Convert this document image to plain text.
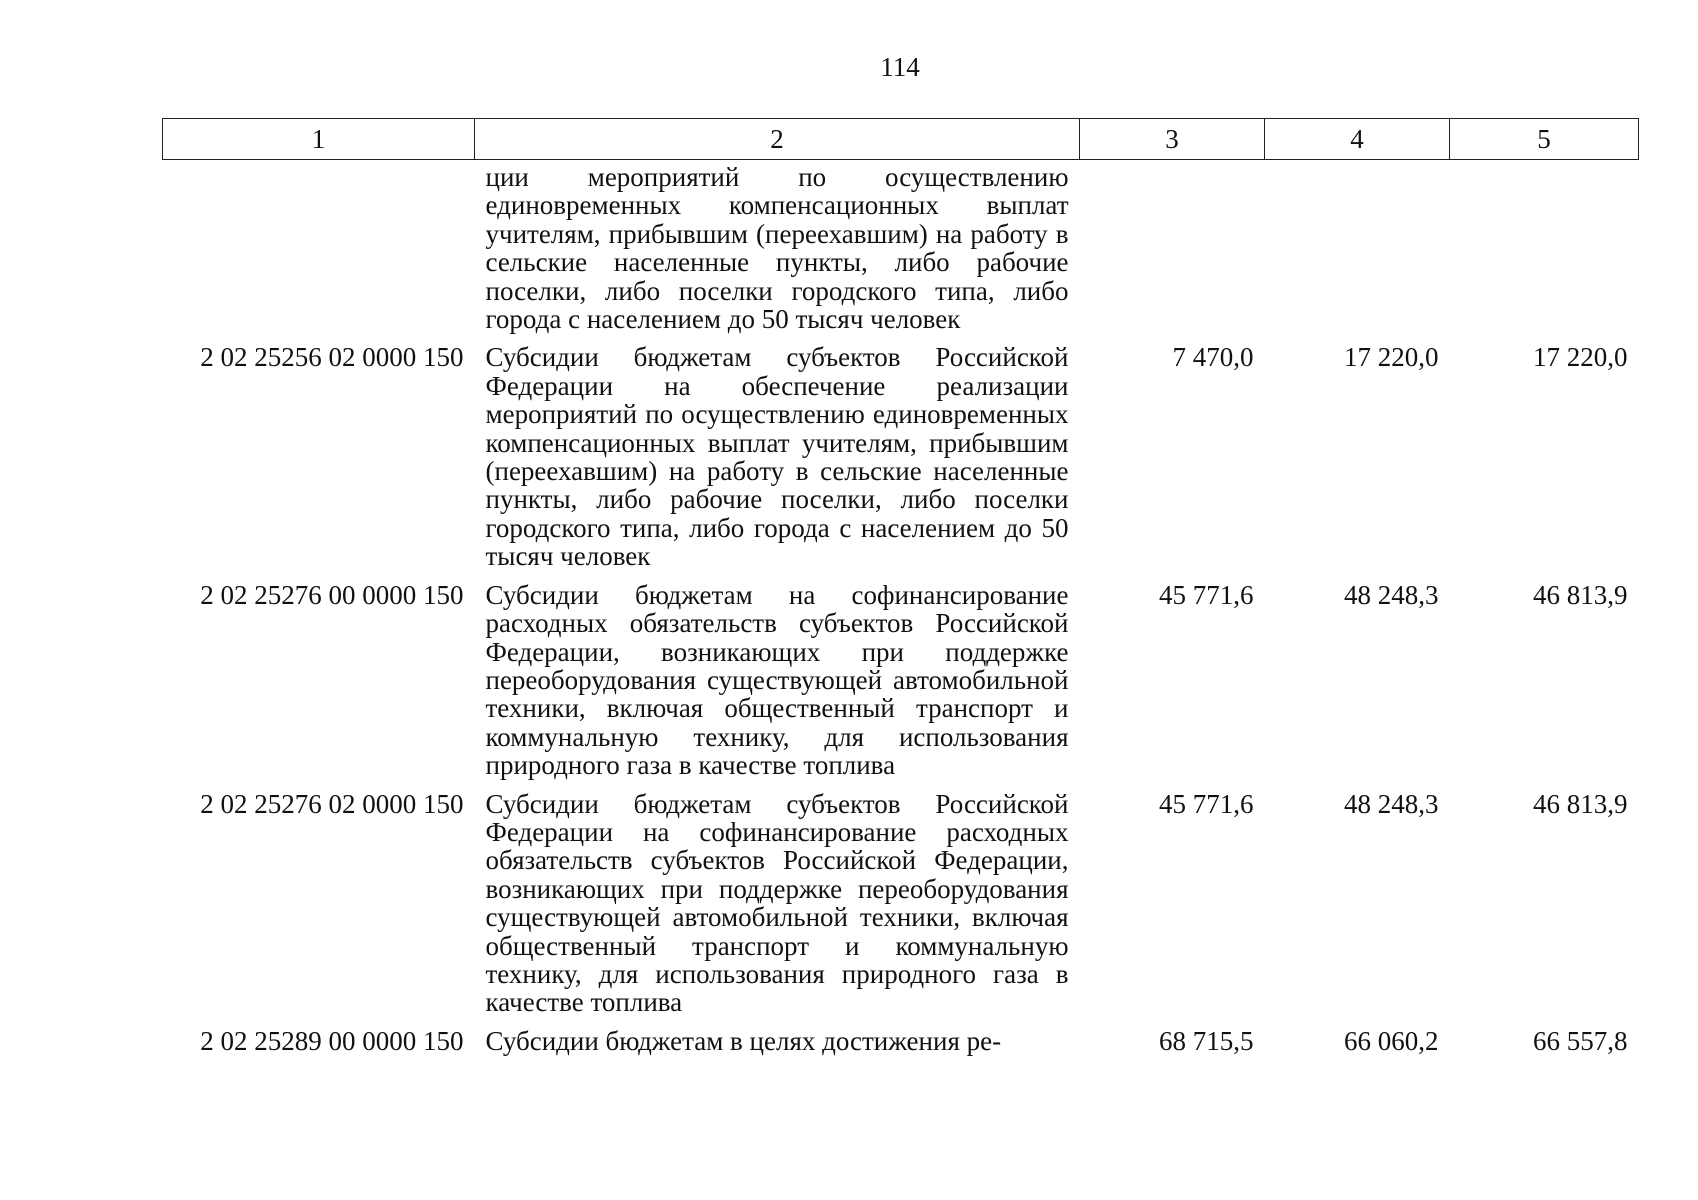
114
1	2	3	4	5
	ции мероприятий по осуществлению единовременных компенсационных выплат учителям, прибывшим (переехавшим) на работу в сельские населенные пункты, либо рабочие поселки, либо поселки городского типа, либо города с населением до 50 тысяч человек			
2 02 25256 02 0000 150	Субсидии бюджетам субъектов Российской Федерации на обеспечение реализации мероприятий по осуществлению единовременных компенсационных выплат учителям, прибывшим (переехавшим) на работу в сельские населенные пункты, либо рабочие поселки, либо поселки городского типа, либо города с населением до 50 тысяч человек	7 470,0	17 220,0	17 220,0
2 02 25276 00 0000 150	Субсидии бюджетам на софинансирование расходных обязательств субъектов Российской Федерации, возникающих при поддержке переоборудования существующей автомобильной техники, включая общественный транспорт и коммунальную технику, для использования природного газа в качестве топлива	45 771,6	48 248,3	46 813,9
2 02 25276 02 0000 150	Субсидии бюджетам субъектов Российской Федерации на софинансирование расходных обязательств субъектов Российской Федерации, возникающих при поддержке переоборудования существующей автомобильной техники, включая общественный транспорт и коммунальную технику, для использования природного газа в качестве топлива	45 771,6	48 248,3	46 813,9
2 02 25289 00 0000 150	Субсидии бюджетам в целях достижения ре-	68 715,5	66 060,2	66 557,8
